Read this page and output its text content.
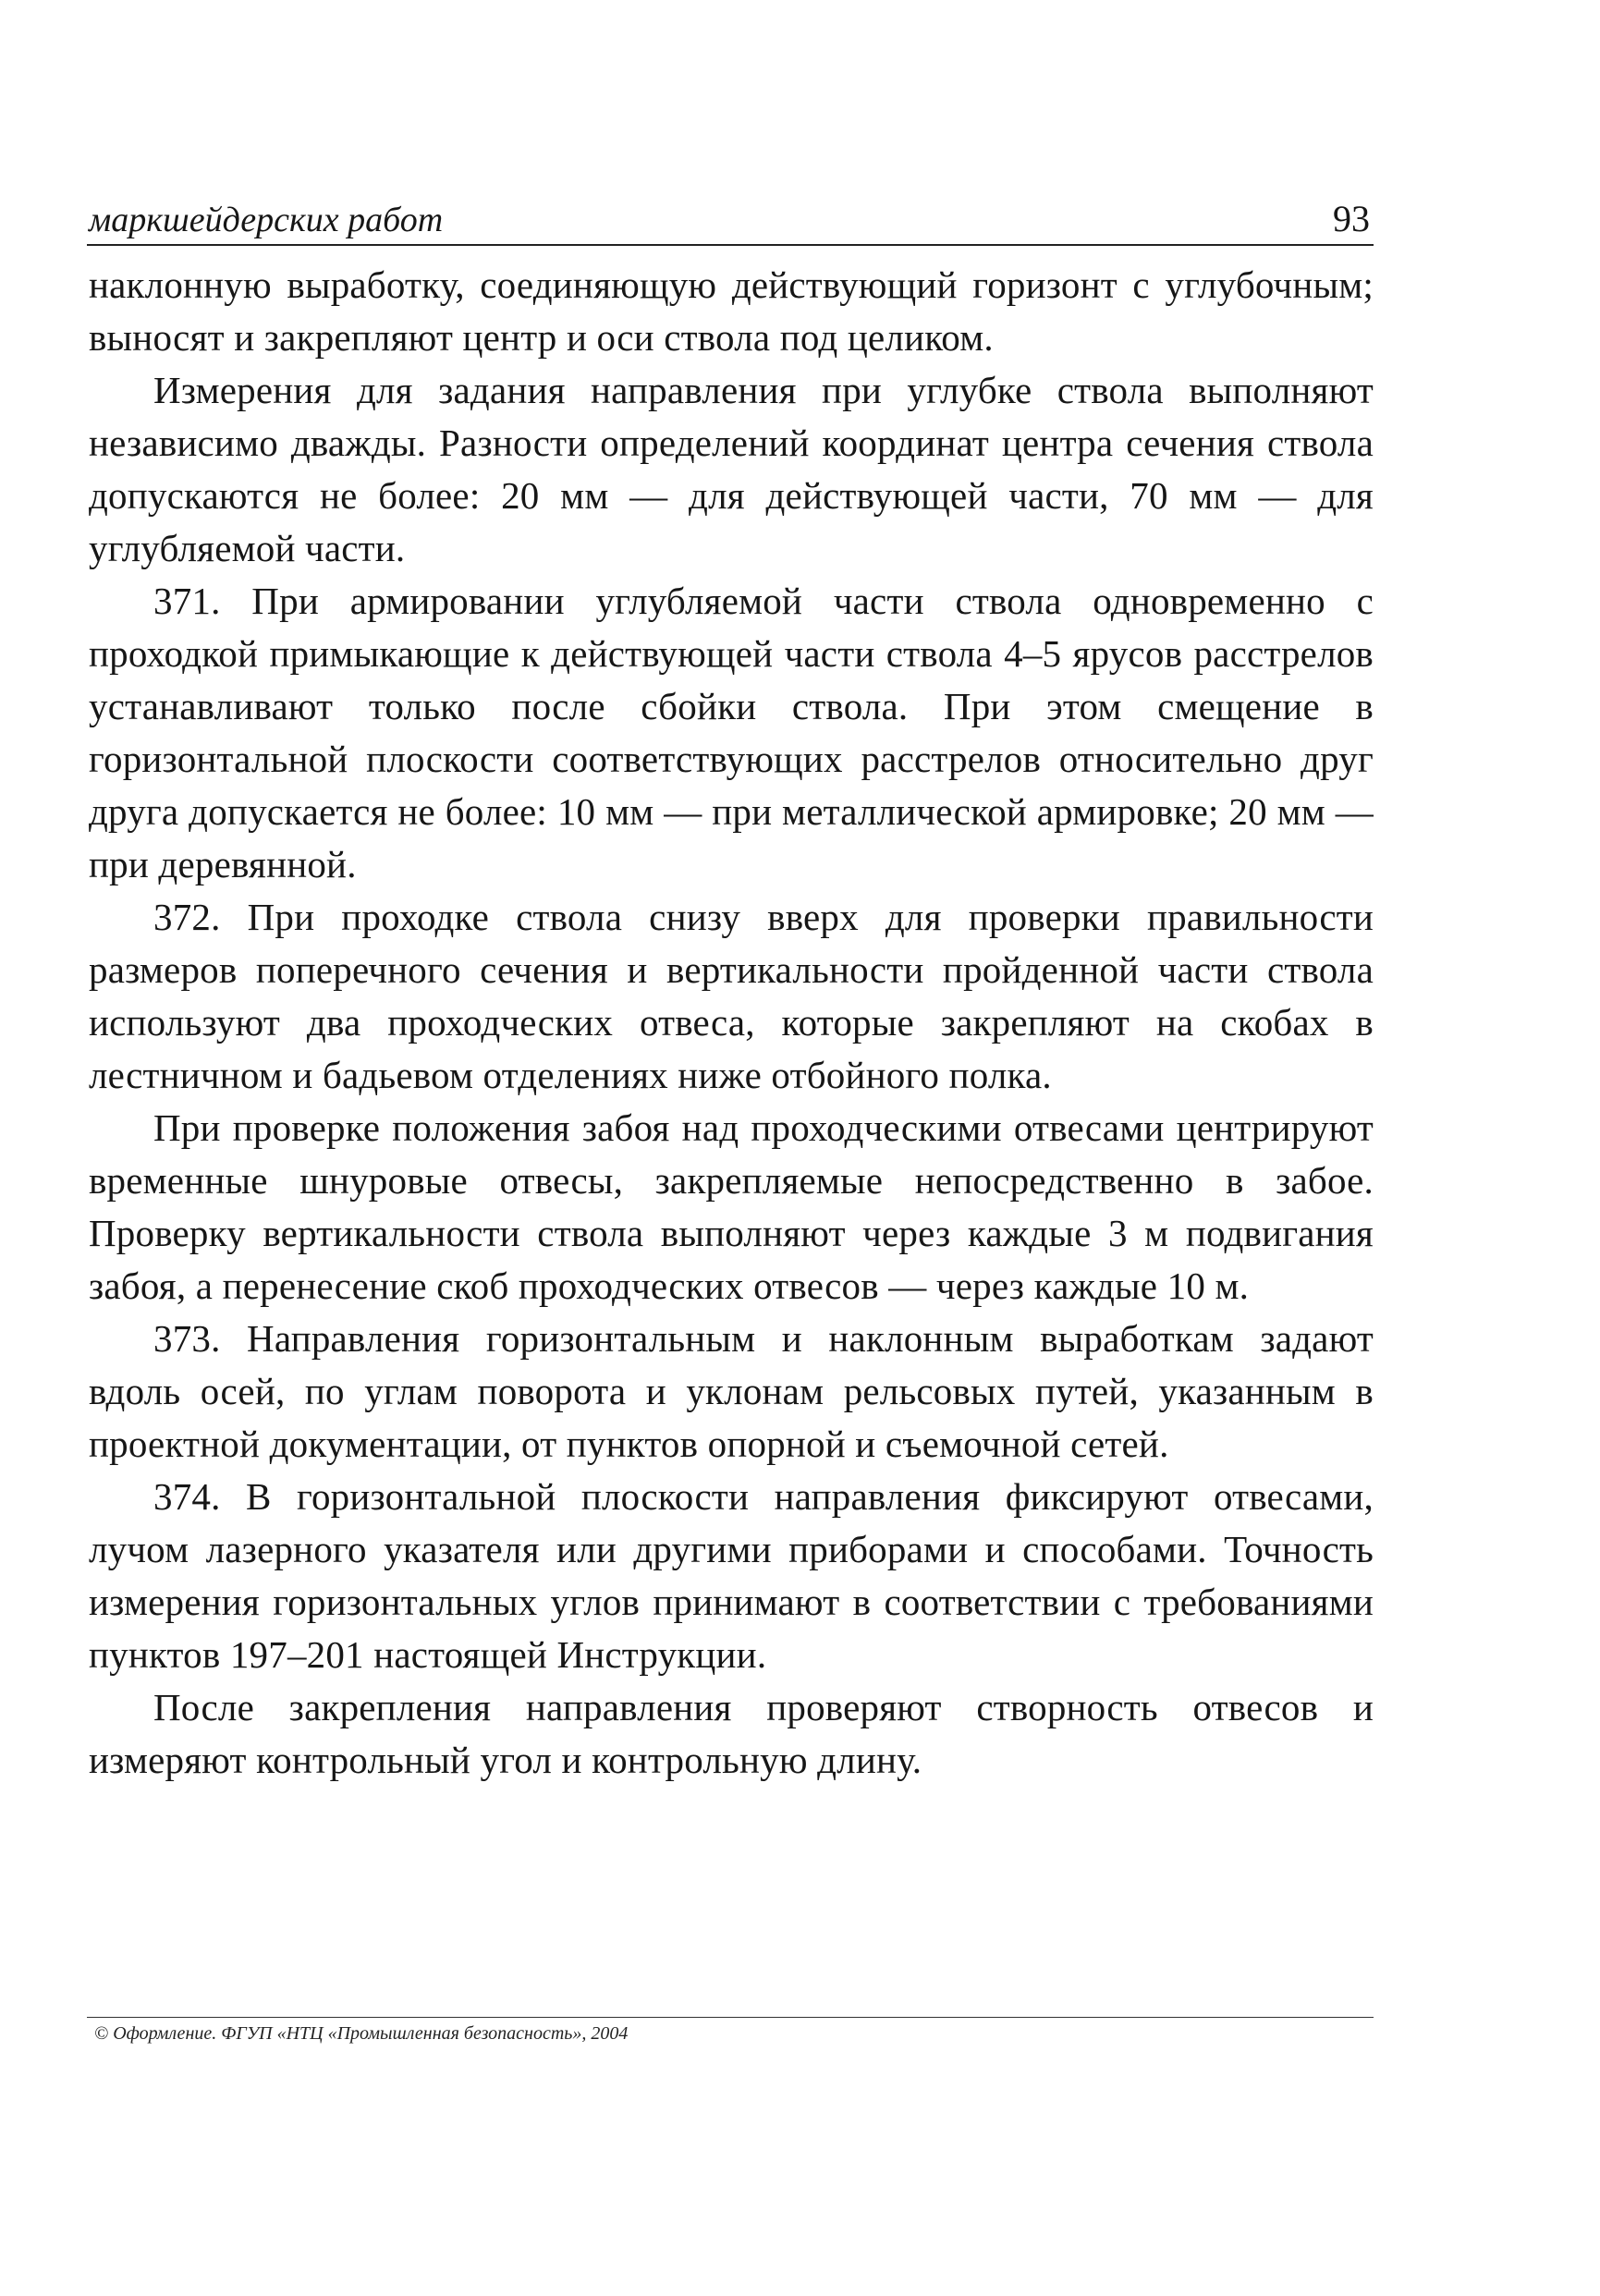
маркшейдерских работ	93

наклонную выработку, соединяющую действующий горизонт с углубочным; выносят и закрепляют центр и оси ствола под целиком.

Измерения для задания направления при углубке ствола выполняют независимо дважды. Разности определений координат центра сечения ствола допускаются не более: 20 мм — для действующей части, 70 мм — для углубляемой части.

371. При армировании углубляемой части ствола одновременно с проходкой примыкающие к действующей части ствола 4–5 ярусов расстрелов устанавливают только после сбойки ствола. При этом смещение в горизонтальной плоскости соответствующих расстрелов относительно друг друга допускается не более: 10 мм — при металлической армировке; 20 мм — при деревянной.

372. При проходке ствола снизу вверх для проверки правильности размеров поперечного сечения и вертикальности пройденной части ствола используют два проходческих отвеса, которые закрепляют на скобах в лестничном и бадьевом отделениях ниже отбойного полка.

При проверке положения забоя над проходческими отвесами центрируют временные шнуровые отвесы, закрепляемые непосредственно в забое. Проверку вертикальности ствола выполняют через каждые 3 м подвигания забоя, а перенесение скоб проходческих отвесов — через каждые 10 м.

373. Направления горизонтальным и наклонным выработкам задают вдоль осей, по углам поворота и уклонам рельсовых путей, указанным в проектной документации, от пунктов опорной и съемочной сетей.

374. В горизонтальной плоскости направления фиксируют отвесами, лучом лазерного указателя или другими приборами и способами. Точность измерения горизонтальных углов принимают в соответствии с требованиями пунктов 197–201 настоящей Инструкции.

После закрепления направления проверяют створность отвесов и измеряют контрольный угол и контрольную длину.

© Оформление. ФГУП «НТЦ «Промышленная безопасность», 2004
